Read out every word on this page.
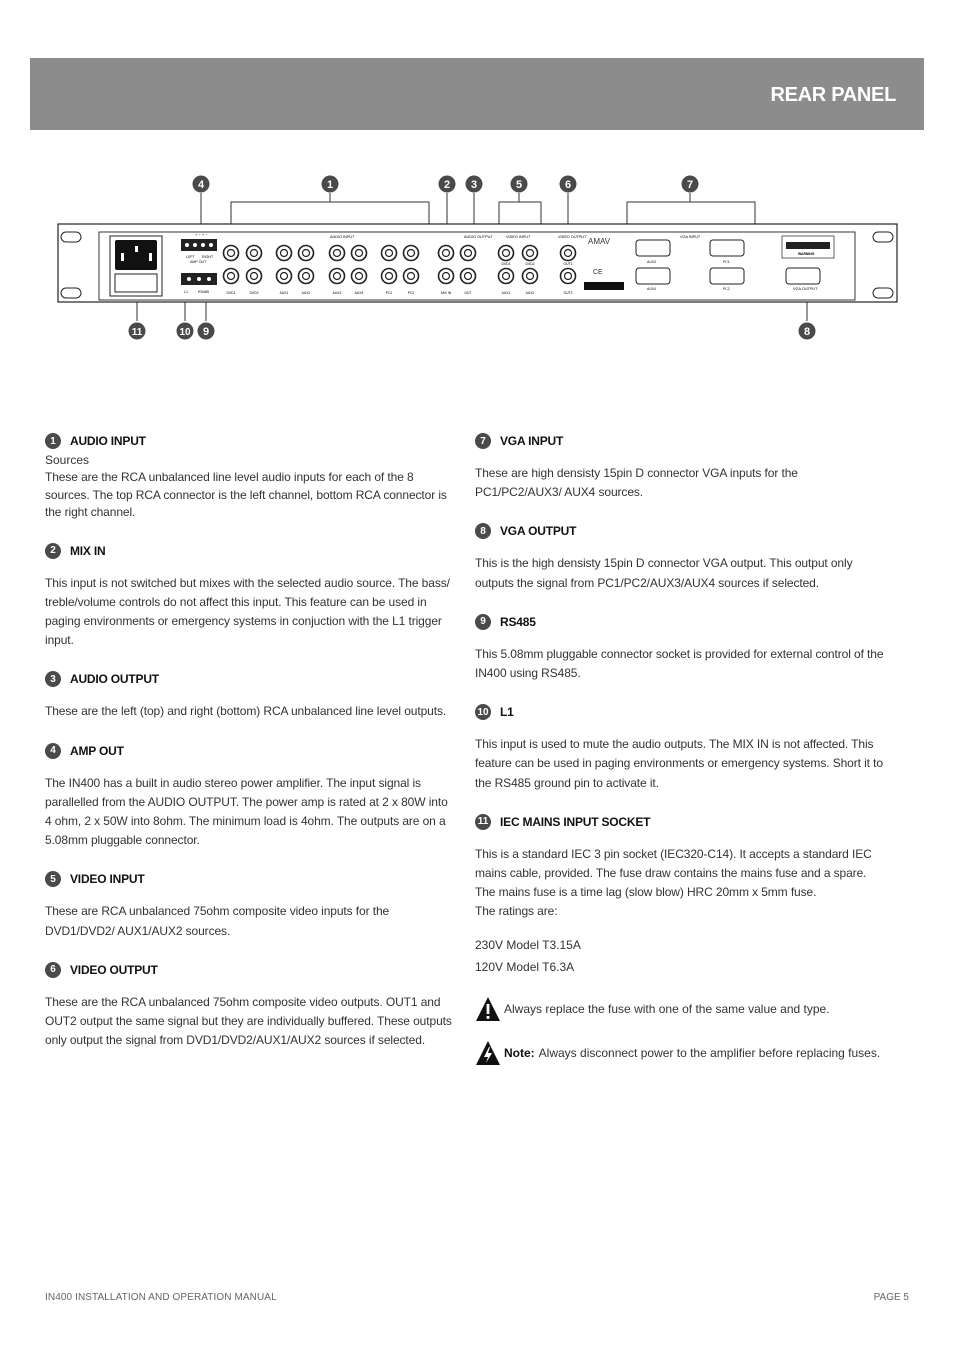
REAR PANEL
4	1	2 3	5	6	7
+ − + −
LEFT RIGHT
AMP OUT
L1	RS485
AUDIO INPUT	AUDIO OUTPUT	VIDEO INPUT	VIDEO OUTPUT	VGA INPUT
VGA OUTPUT
DVD1	DVD2	AUX1	AUX2	AUX3	AUX4	PC1	PC2	MIX IN	OUT
DVD1
AUX1
DVD2
AUX2
OUT1
OUT2
AUX3	PC1
AUX4	PC2
AMAV
CE
WARNING
11	10 9	8
1	AUDIO INPUT
Sources
These are the RCA unbalanced line level audio inputs for each of the 8 sources. The top RCA connector is the left channel, bottom RCA connector is the right channel.
2	MIX IN
This input is not switched but mixes with the selected audio source. The bass/ treble/volume controls do not affect this input. This feature can be used in paging environments or emergency systems in conjuction with the L1 trigger input.
3	AUDIO OUTPUT
These are the left (top) and right (bottom) RCA unbalanced line level outputs.
4	AMP OUT
The IN400 has a built in audio stereo power amplifier. The input signal is parallelled from the AUDIO OUTPUT. The power amp is rated at 2 x 80W into 4 ohm, 2 x 50W into 8ohm. The minimum load is 4ohm. The outputs are on a 5.08mm pluggable connector.
5	VIDEO INPUT
These are RCA unbalanced 75ohm composite video inputs for the DVD1/DVD2/ AUX1/AUX2 sources.
6	VIDEO OUTPUT
These are the RCA unbalanced 75ohm composite video outputs. OUT1 and OUT2 output the same signal but they are individually buffered. These outputs only output the signal from DVD1/DVD2/AUX1/AUX2 sources if selected.
7	VGA INPUT
These are high densisty 15pin D connector VGA inputs for the PC1/PC2/AUX3/ AUX4 sources.
8	VGA OUTPUT
This is the high densisty 15pin D connector VGA output. This output only outputs the signal from PC1/PC2/AUX3/AUX4 sources if selected.
9	RS485
This 5.08mm pluggable connector socket is provided for external control of the IN400 using RS485.
10 L1
This input is used to mute the audio outputs. The MIX IN is not affected. This feature can be used in paging environments or emergency systems. Short it to the RS485 ground pin to activate it.
11 IEC MAINS INPUT SOCKET
This is a standard IEC 3 pin socket (IEC320-C14). It accepts a standard IEC mains cable, provided. The fuse draw contains the mains fuse and a spare. The mains fuse is a time lag (slow blow) HRC 20mm x 5mm fuse.
The ratings are:
230V Model T3.15A
120V Model T6.3A
Always replace the fuse with one of the same value and type.
Note: Always disconnect power to the amplifier before replacing fuses.
IN400 INSTALLATION AND OPERATION MANUAL	PAGE 5
